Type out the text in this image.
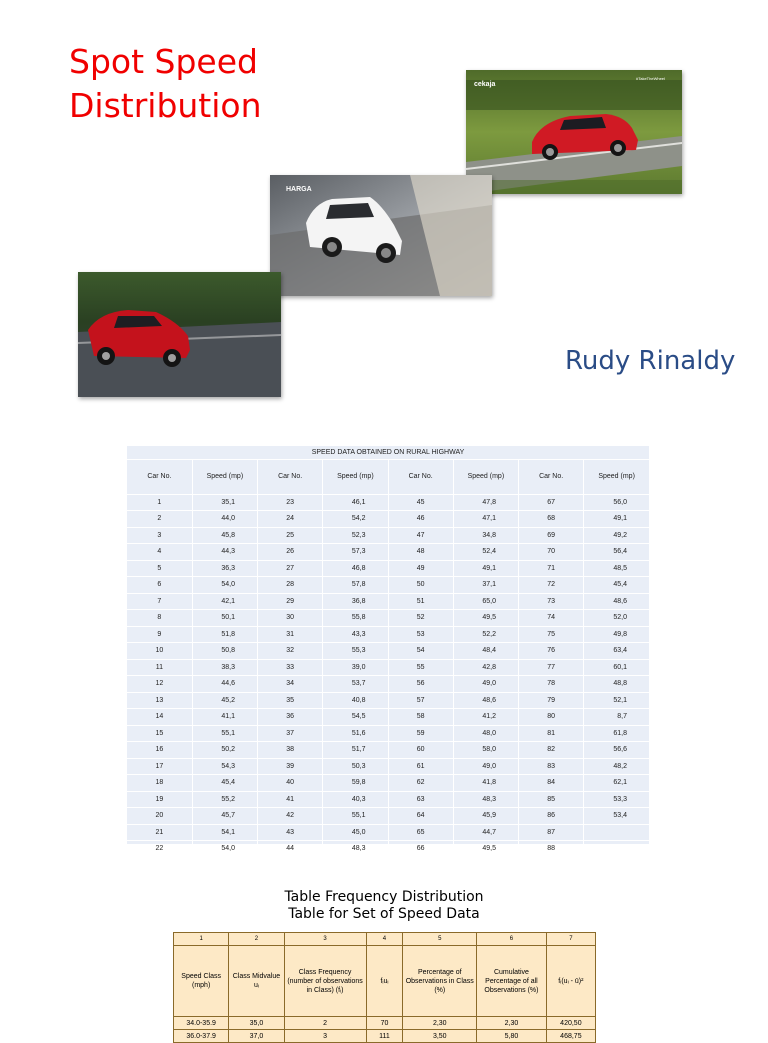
Spot Speed
Distribution
cekaja
#TakeTheWheel
HARGA
Rudy Rinaldy
SPEED DATA OBTAINED ON RURAL HIGHWAY
Car No.	Speed (mp)	Car No.	Speed (mp)	Car No.	Speed (mp)	Car No.	Speed (mp)
1	35,1	23	46,1	45	47,8	67	56,0
2	44,0	24	54,2	46	47,1	68	49,1
3	45,8	25	52,3	47	34,8	69	49,2
4	44,3	26	57,3	48	52,4	70	56,4
5	36,3	27	46,8	49	49,1	71	48,5
6	54,0	28	57,8	50	37,1	72	45,4
7	42,1	29	36,8	51	65,0	73	48,6
8	50,1	30	55,8	52	49,5	74	52,0
9	51,8	31	43,3	53	52,2	75	49,8
10	50,8	32	55,3	54	48,4	76	63,4
11	38,3	33	39,0	55	42,8	77	60,1
12	44,6	34	53,7	56	49,0	78	48,8
13	45,2	35	40,8	57	48,6	79	52,1
14	41,1	36	54,5	58	41,2	80	8,7
15	55,1	37	51,6	59	48,0	81	61,8
16	50,2	38	51,7	60	58,0	82	56,6
17	54,3	39	50,3	61	49,0	83	48,2
18	45,4	40	59,8	62	41,8	84	62,1
19	55,2	41	40,3	63	48,3	85	53,3
20	45,7	42	55,1	64	45,9	86	53,4
21	54,1	43	45,0	65	44,7	87	
22	54,0	44	48,3	66	49,5	88	
Table Frequency Distribution
Table for Set of Speed Data
1	2	3	4	5	6	7
Speed Class (mph)	Class Midvalue uᵢ	Class Frequency (number of observations in Class) (fᵢ)	fᵢuᵢ	Percentage of Observations in Class (%)	Cumulative Percentage of all Observations (%)	fᵢ(uᵢ - ū)²
34.0-35.9	35,0	2	70	2,30	2,30	420,50
36.0-37.9	37,0	3	111	3,50	5,80	468,75
